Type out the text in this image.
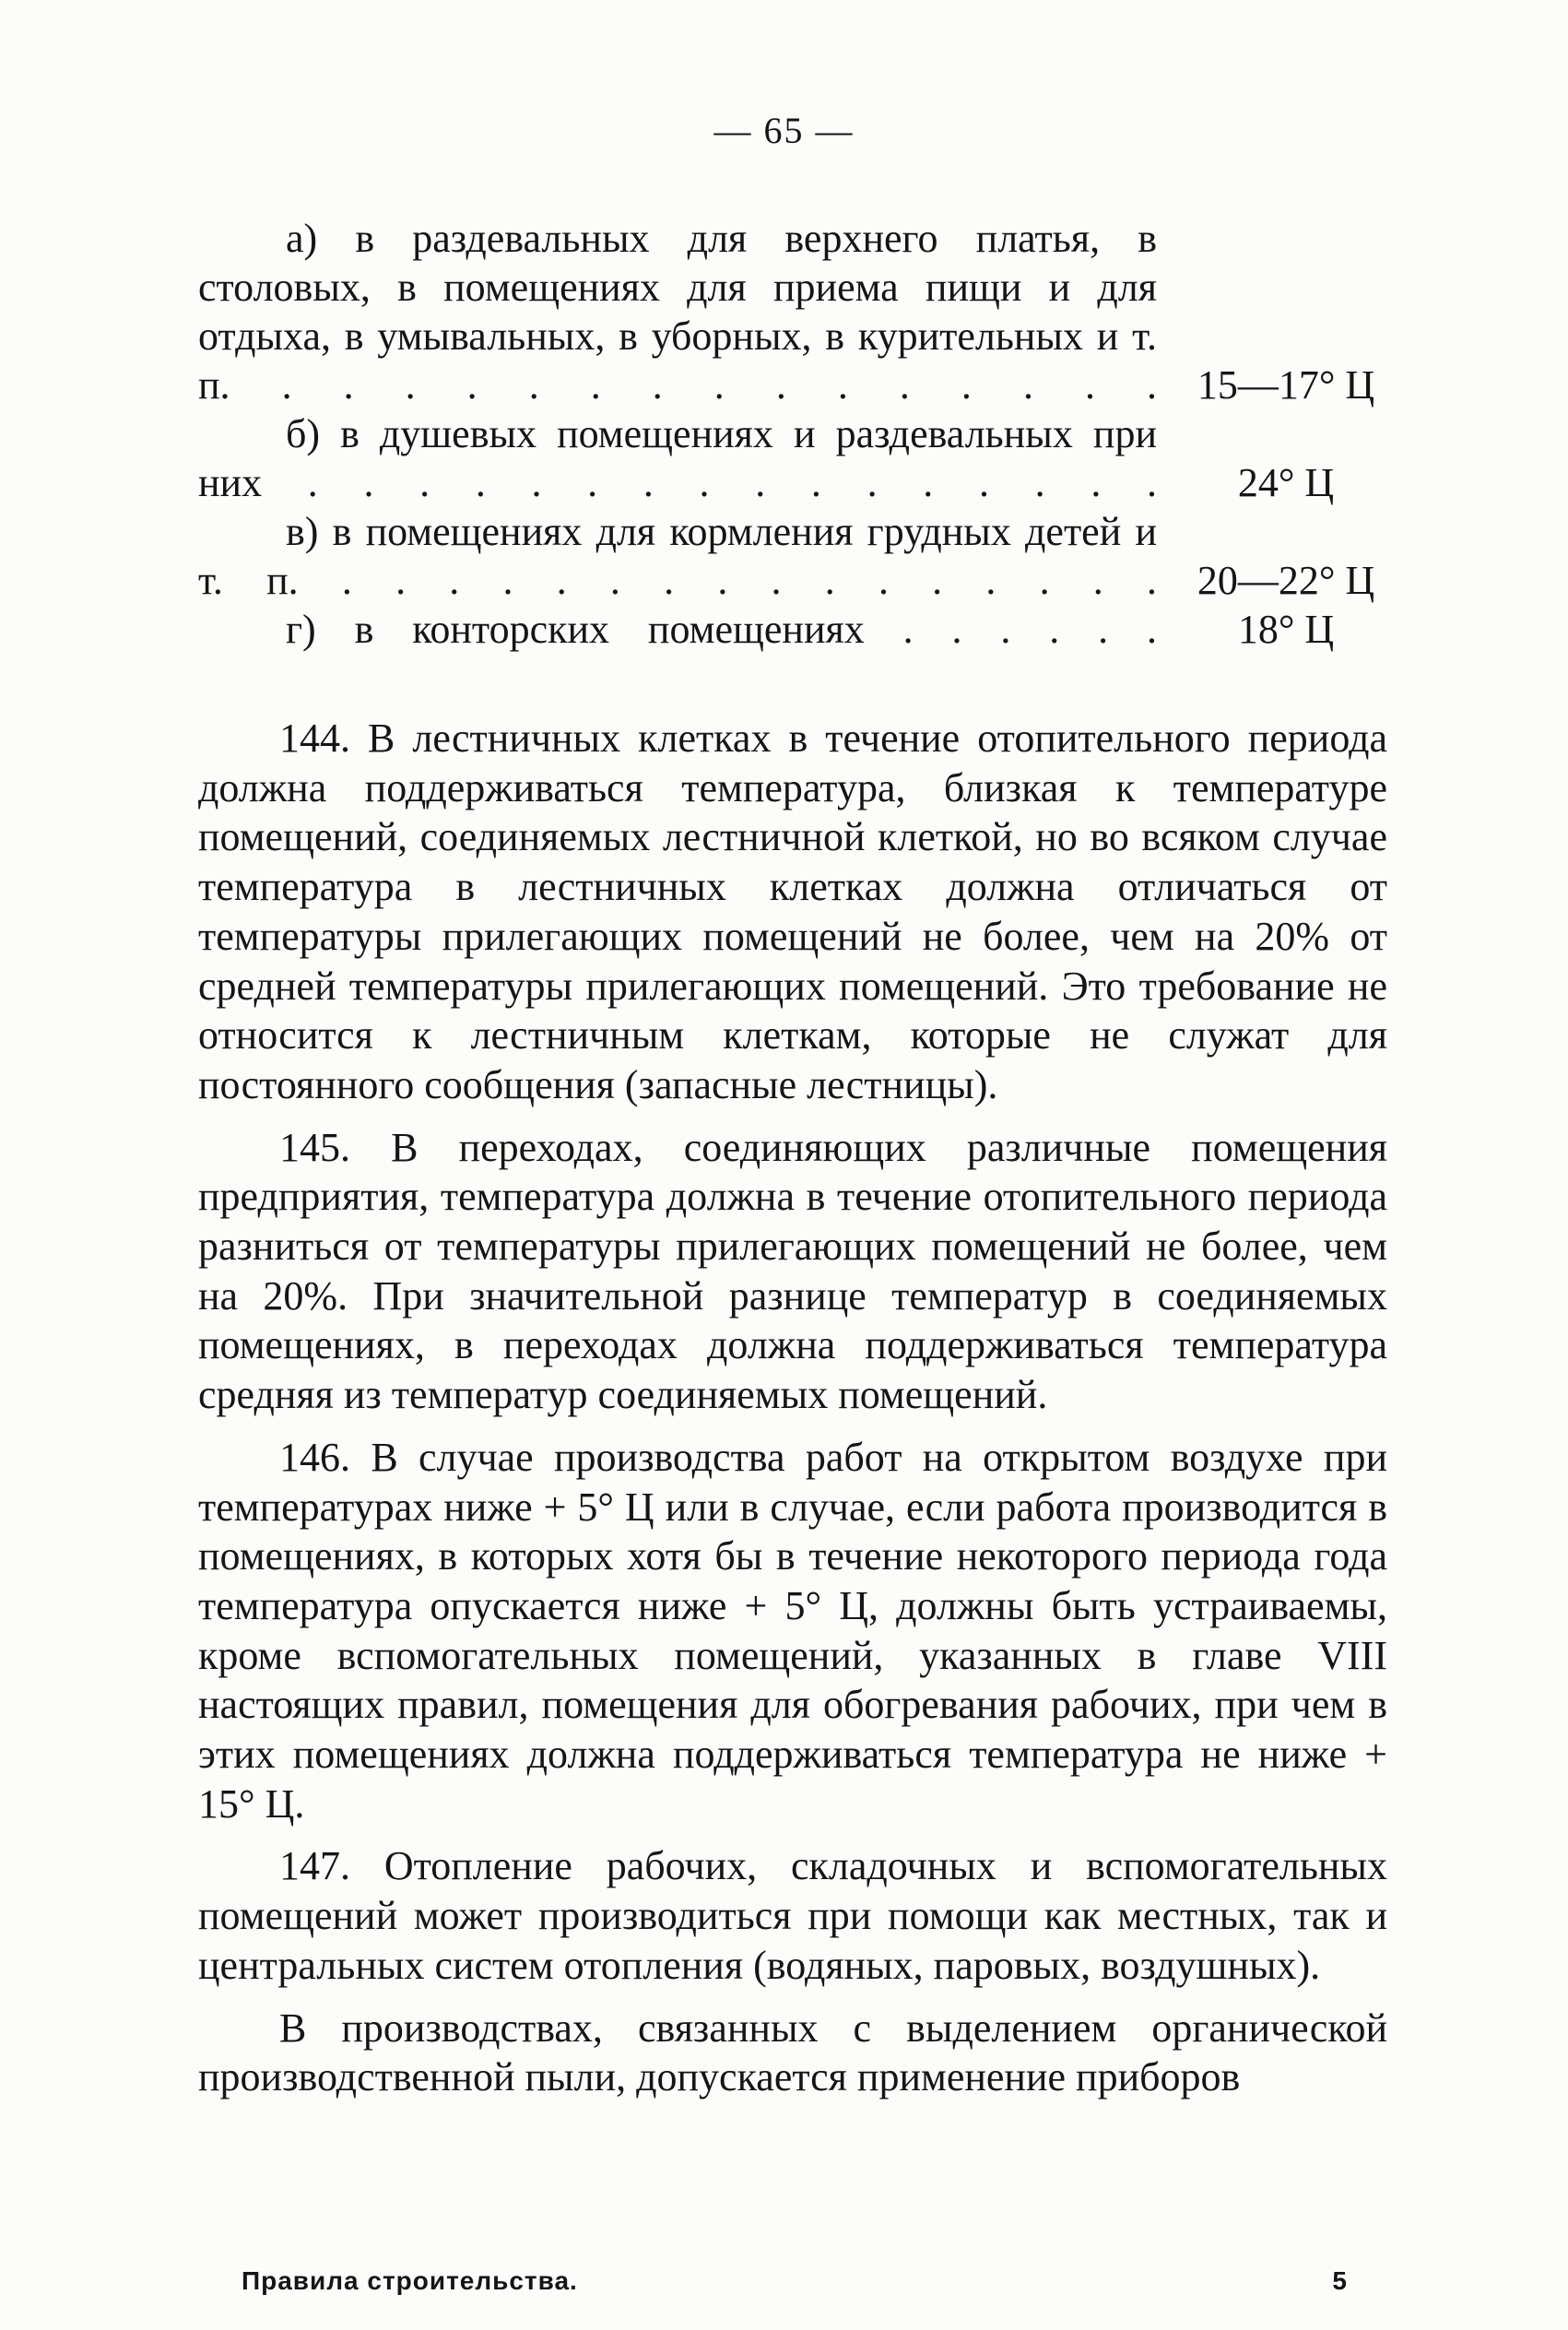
— 65 —
а) в раздевальных для верхнего платья, в столовых, в помещениях для приема пищи и для отдыха, в умывальных, в уборных, в курительных и т. п. . . . . . . . . . . . . . . . 15—17° Ц
б) в душевых помещениях и раздевальных при них . . . . . . . . . . . . . . . .	24° Ц
в) в помещениях для кормления грудных детей и т. п. . . . . . . . . . . . . . . . . 20—22° Ц
г) в конторских помещениях . . . . . .	18° Ц

144. В лестничных клетках в течение отопительного периода должна поддерживаться температура, близкая к температуре помещений, соединяемых лестничной клеткой, но во всяком случае температура в лестничных клетках должна отличаться от температуры прилегающих помещений не более, чем на 20% от средней температуры прилегающих помещений. Это требование не относится к лестничным клеткам, которые не служат для постоянного сообщения (запасные лестницы).

145. В переходах, соединяющих различные помещения предприятия, температура должна в течение отопительного периода разниться от температуры прилегающих помещений не более, чем на 20%. При значительной разнице температур в соединяемых помещениях, в переходах должна поддерживаться температура средняя из температур соединяемых помещений.

146. В случае производства работ на открытом воздухе при температурах ниже + 5° Ц или в случае, если работа производится в помещениях, в которых хотя бы в течение некоторого периода года температура опускается ниже + 5° Ц, должны быть устраиваемы, кроме вспомогательных помещений, указанных в главе VIII настоящих правил, помещения для обогревания рабочих, при чем в этих помещениях должна поддерживаться температура не ниже + 15° Ц.

147. Отопление рабочих, складочных и вспомогательных помещений может производиться при помощи как местных, так и центральных систем отопления (водяных, паровых, воздушных).

В производствах, связанных с выделением органической производственной пыли, допускается применение приборов

Правила строительства.	5
